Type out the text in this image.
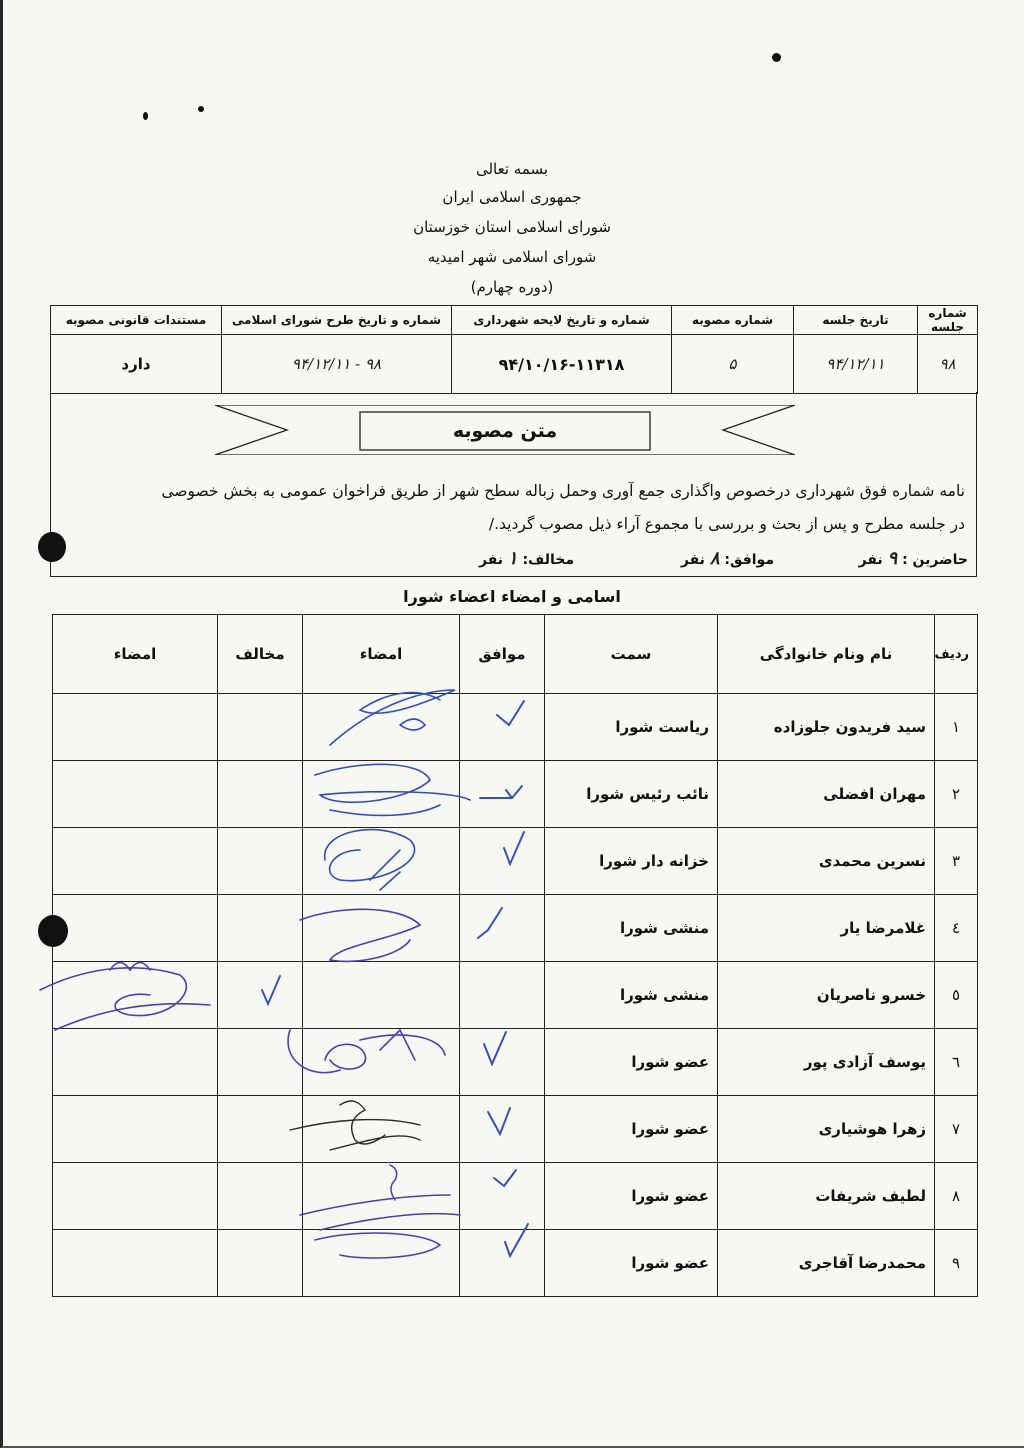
بسمه تعالی
جمهوری اسلامی ایران
شورای اسلامی استان خوزستان
شورای اسلامی شهر امیدیه
(دوره چهارم)
شماره جلسه	تاریخ جلسه	شماره مصوبه	شماره و تاریخ لایحه شهرداری	شماره و تاریخ طرح شورای اسلامی	مستندات قانونی مصوبه
۹۸	۹۴/۱۲/۱۱	۵	۹۴/۱۰/۱۶-۱۱۳۱۸	۹۸ - ۹۴/۱۲/۱۱	دارد
متن مصوبه
نامه شماره فوق شهرداری درخصوص واگذاری جمع آوری وحمل زباله سطح شهر از طریق فراخوان عمومی به بخش خصوصی
در جلسه مطرح و پس از بحث و بررسی با مجموع آراء ذیل مصوب گردید./
حاضرین : ۹ نفر
موافق: ۸ نفر
مخالف: ۱ نفر
اسامی و امضاء اعضاء شورا
ردیف	نام ونام خانوادگی	سمت	موافق	امضاء	مخالف	امضاء
۱	سید فریدون جلوزاده	ریاست شورا				
۲	مهران افضلی	نائب رئیس شورا				
۳	نسرین محمدی	خزانه دار شورا				
٤	غلامرضا یار	منشی شورا				
٥	خسرو ناصریان	منشی شورا				
٦	یوسف آزادی پور	عضو شورا				
۷	زهرا هوشیاری	عضو شورا				
۸	لطیف شریفات	عضو شورا				
۹	محمدرضا آقاجری	عضو شورا				
